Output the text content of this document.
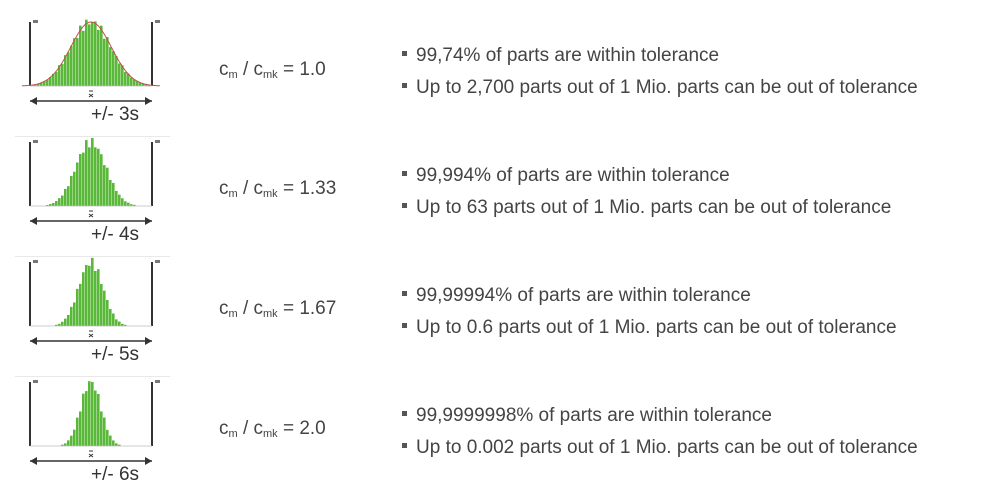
+/- 3s
$c_m / c_{mk} = 1.0$
99,74% of parts are within tolerance
Up to 2,700 parts out of 1 Mio. parts can be out of tolerance
+/- 4s
$c_m / c_{mk} = 1.33$
99,994% of parts are within tolerance
Up to 63 parts out of 1 Mio. parts can be out of tolerance
+/- 5s
$c_m / c_{mk} = 1.67$
99,99994% of parts are within tolerance
Up to 0.6 parts out of 1 Mio. parts can be out of tolerance
+/- 6s
$c_m / c_{mk} = 2.0$
99,9999998% of parts are within tolerance
Up to 0.002 parts out of 1 Mio. parts can be out of tolerance
